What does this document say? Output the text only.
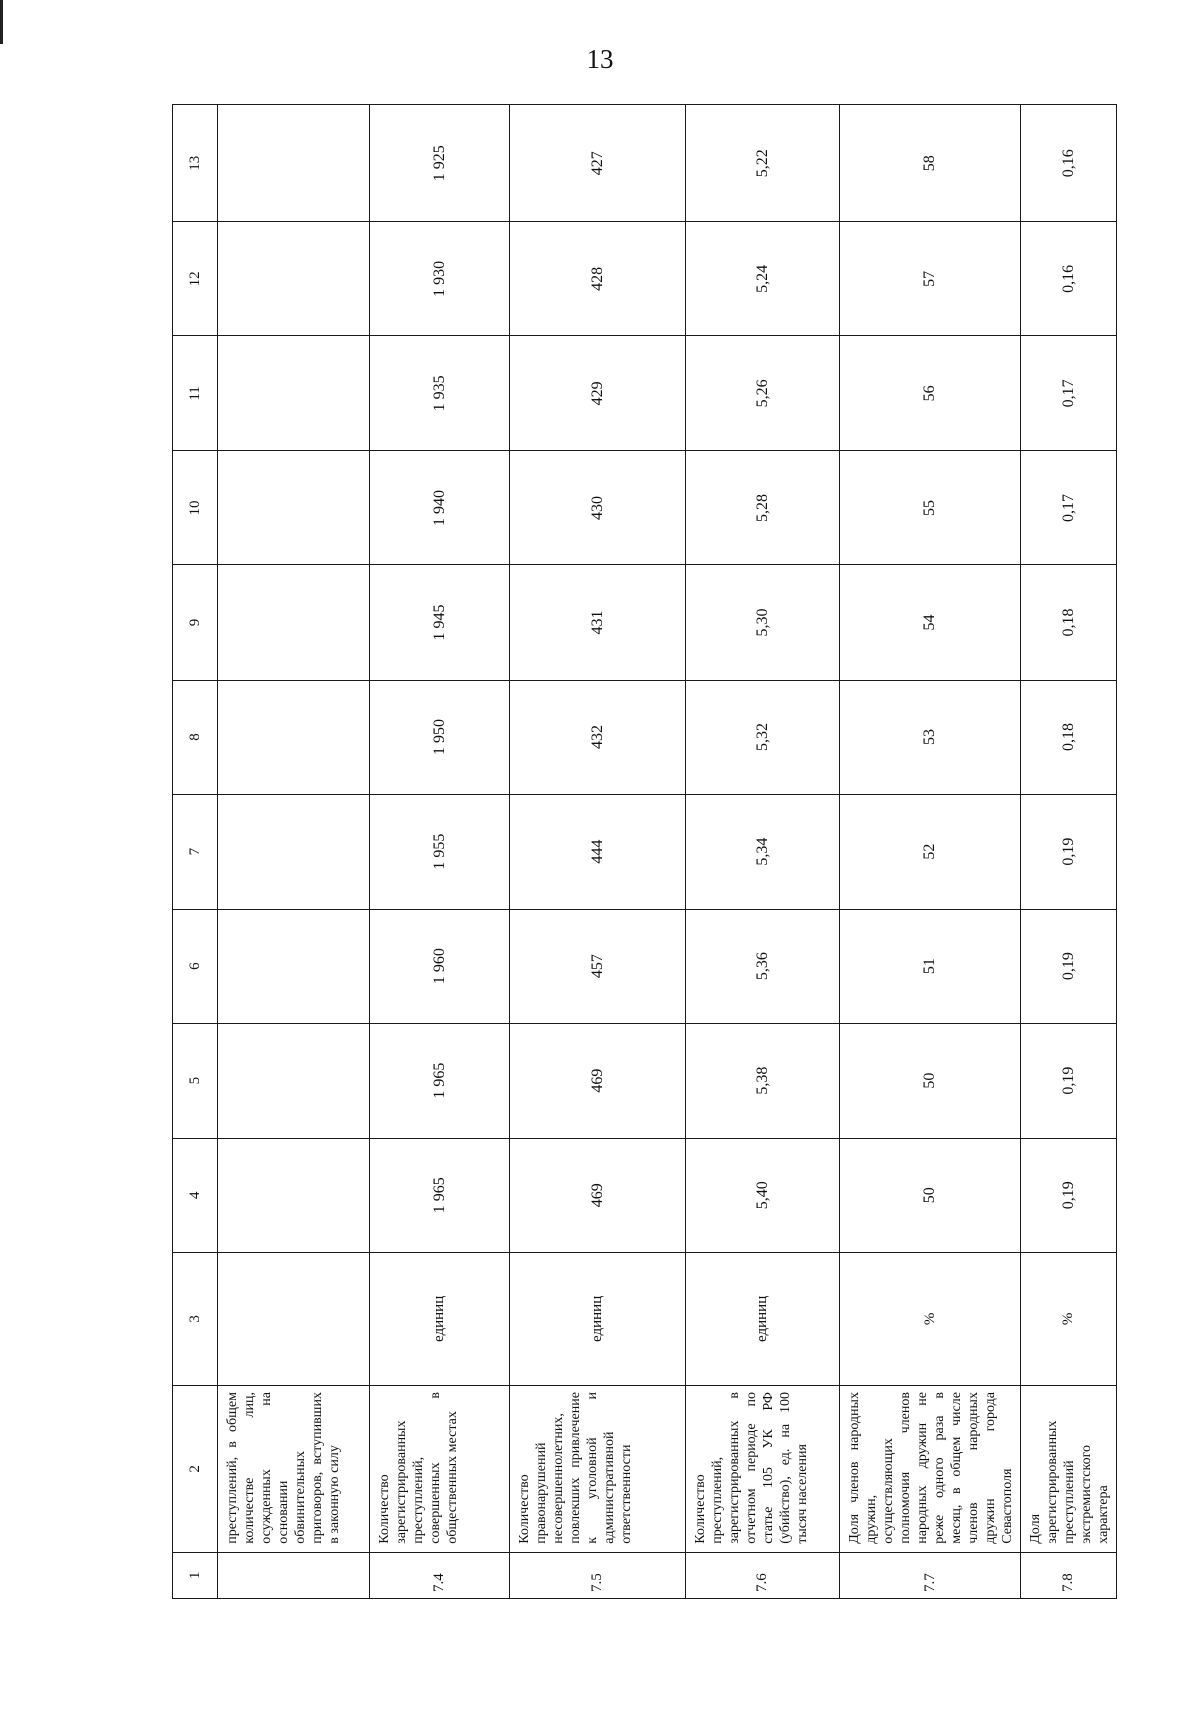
13
1	2	3	4	5	6	7	8	9	10	11	12	13
	преступлений, в общем количестве лиц, осужденных на основании обвинительных приговоров, вступивших в законную силу											
7.4	Количество зарегистрированных преступлений, совершенных в общественных местах	единиц	1 965	1 965	1 960	1 955	1 950	1 945	1 940	1 935	1 930	1 925
7.5	Количество правонарушений несовершеннолетних, повлекших привлечение к уголовной и административной ответственности	единиц	469	469	457	444	432	431	430	429	428	427
7.6	Количество преступлений, зарегистрированных в отчетном периоде по статье 105 УК РФ (убийство), ед. на 100 тысяч населения	единиц	5,40	5,38	5,36	5,34	5,32	5,30	5,28	5,26	5,24	5,22
7.7	Доля членов народных дружин, осуществляющих полномочия членов народных дружин не реже одного раза в месяц, в общем числе членов народных дружин города Севастополя	%	50	50	51	52	53	54	55	56	57	58
7.8	Доля зарегистрированных преступлений экстремистского характера	%	0,19	0,19	0,19	0,19	0,18	0,18	0,17	0,17	0,16	0,16
